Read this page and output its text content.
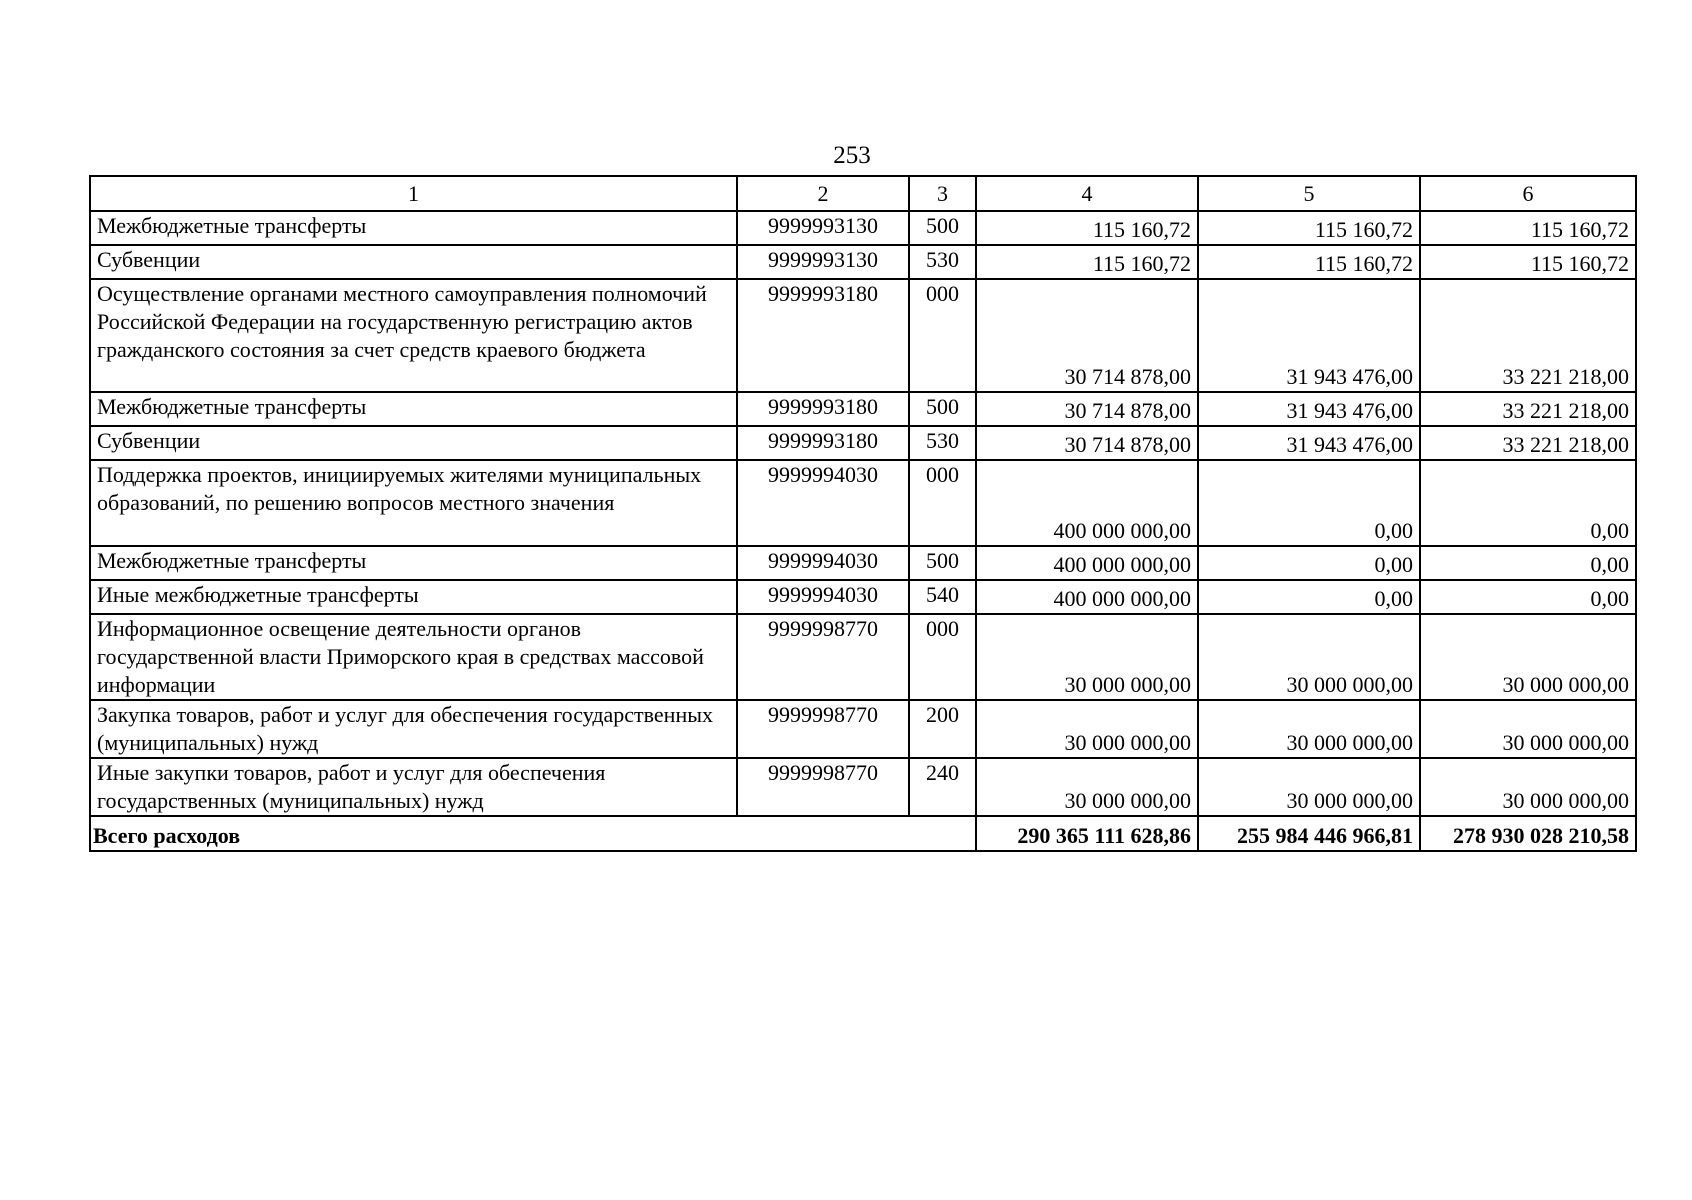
253
1	2	3	4	5	6
Межбюджетные трансферты	9999993130	500	115 160,72	115 160,72	115 160,72
Субвенции	9999993130	530	115 160,72	115 160,72	115 160,72
Осуществление органами местного самоуправления полномочий Российской Федерации на государственную регистрацию актов гражданского состояния за счет средств краевого бюджета	9999993180	000	30 714 878,00	31 943 476,00	33 221 218,00
Межбюджетные трансферты	9999993180	500	30 714 878,00	31 943 476,00	33 221 218,00
Субвенции	9999993180	530	30 714 878,00	31 943 476,00	33 221 218,00
Поддержка проектов, инициируемых жителями муниципальных образований, по решению вопросов местного значения	9999994030	000	400 000 000,00	0,00	0,00
Межбюджетные трансферты	9999994030	500	400 000 000,00	0,00	0,00
Иные межбюджетные трансферты	9999994030	540	400 000 000,00	0,00	0,00
Информационное освещение деятельности органов государственной власти Приморского края в средствах массовой информации	9999998770	000	30 000 000,00	30 000 000,00	30 000 000,00
Закупка товаров, работ и услуг для обеспечения государственных (муниципальных) нужд	9999998770	200	30 000 000,00	30 000 000,00	30 000 000,00
Иные закупки товаров, работ и услуг для обеспечения государственных (муниципальных) нужд	9999998770	240	30 000 000,00	30 000 000,00	30 000 000,00
Всего расходов			290 365 111 628,86	255 984 446 966,81	278 930 028 210,58
